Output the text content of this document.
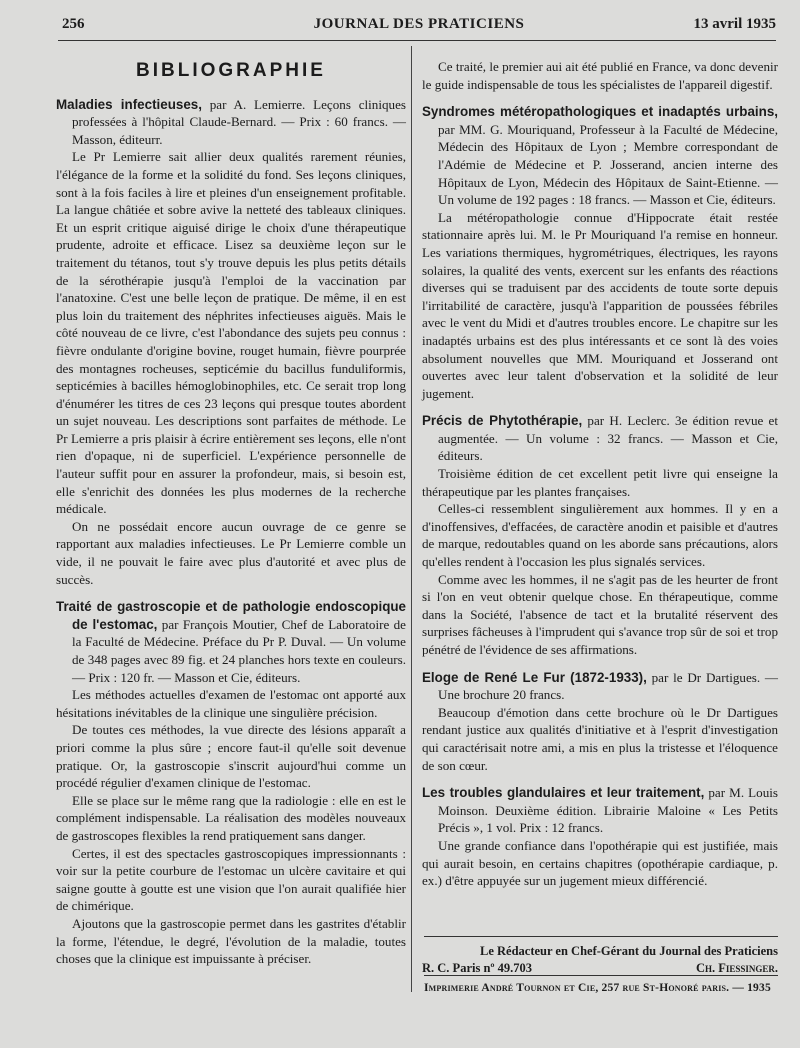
256	JOURNAL DES PRATICIENS	13 avril 1935
BIBLIOGRAPHIE

Maladies infectieuses, par A. Lemierre. Leçons cliniques professées à l'hôpital Claude-Bernard. — Prix : 60 francs. — Masson, éditeurr.

Le Pr Lemierre sait allier deux qualités rarement réunies, l'élégance de la forme et la solidité du fond. Ses leçons cliniques, sont à la fois faciles à lire et pleines d'un enseignement profitable. La langue châtiée et sobre avive la netteté des tableaux cliniques. Et un esprit critique aiguisé dirige le choix d'une thérapeutique prudente, adroite et efficace. Lisez sa deuxième leçon sur le traitement du tétanos, tout s'y trouve depuis les plus petits détails de la sérothérapie jusqu'à l'emploi de la vaccination par l'anatoxine. C'est une belle leçon de pratique. De même, il en est plus loin du traitement des néphrites infectieuses aiguës. Mais le côté nouveau de ce livre, c'est l'abondance des sujets peu connus : fièvre ondulante d'origine bovine, rouget humain, fièvre pourprée des montagnes rocheuses, septicémie du bacillus funduliformis, septicémies à bacilles hémoglobinophiles, etc. Ce serait trop long d'énumérer les titres de ces 23 leçons qui presque toutes abordent un sujet nouveau. Les descriptions sont parfaites de méthode. Le Pr Lemierre a pris plaisir à écrire entièrement ses leçons, elle n'ont rien d'opaque, ni de superficiel. L'expérience personnelle de l'auteur suffit pour en assurer la profondeur, mais, si besoin est, elle s'enrichit des données les plus modernes de la recherche médicale.

On ne possédait encore aucun ouvrage de ce genre se rapportant aux maladies infectieuses. Le Pr Lemierre comble un vide, il ne pouvait le faire avec plus d'autorité et avec plus de succès.

Traité de gastroscopie et de pathologie endoscopique de l'estomac, par François Moutier, Chef de Laboratoire de la Faculté de Médecine. Préface du Pr P. Duval. — Un volume de 348 pages avec 89 fig. et 24 planches hors texte en couleurs. — Prix : 120 fr. — Masson et Cie, éditeurs.

Les méthodes actuelles d'examen de l'estomac ont apporté aux hésitations inévitables de la clinique une singulière précision.

De toutes ces méthodes, la vue directe des lésions apparaît a priori comme la plus sûre ; encore faut-il qu'elle soit devenue pratique. Or, la gastroscopie s'inscrit aujourd'hui comme un procédé régulier d'examen clinique de l'estomac.

Elle se place sur le même rang que la radiologie : elle en est le complément indispensable. La réalisation des modèles nouveaux de gastroscopes flexibles la rend pratiquement sans danger.

Certes, il est des spectacles gastroscopiques impressionnants : voir sur la petite courbure de l'estomac un ulcère cavitaire et qui saigne goutte à goutte est une vision que l'on aurait qualifiée hier de chimérique.

Ajoutons que la gastroscopie permet dans les gastrites d'établir la forme, l'étendue, le degré, l'évolution de la maladie, toutes choses que la clinique est impuissante à préciser.

Ce traité, le premier aui ait été publié en France, va donc devenir le guide indispensable de tous les spécialistes de l'appareil digestif.

Syndromes météropathologiques et inadaptés urbains, par MM. G. Mouriquand, Professeur à la Faculté de Médecine, Médecin des Hôpitaux de Lyon ; Membre correspondant de l'Adémie de Médecine et P. Josserand, ancien interne des Hôpitaux de Lyon, Médecin des Hôpitaux de Saint-Etienne. — Un volume de 192 pages : 18 francs. — Masson et Cie, éditeurs.

La météropathologie connue d'Hippocrate était restée stationnaire après lui. M. le Pr Mouriquand l'a remise en honneur. Les variations thermiques, hygrométriques, électriques, les rayons solaires, la qualité des vents, exercent sur les enfants des réactions diverses qui se traduisent par des accidents de toute sorte depuis l'irritabilité de caractère, jusqu'à l'apparition de poussées fébriles avec le vent du Midi et d'autres troubles encore. Le chapitre sur les inadaptés urbains est des plus intéressants et ce sont là des voies absolument nouvelles que MM. Mouriquand et Josserand ont ouvertes avec leur talent d'observation et la solidité de leur jugement.

Précis de Phytothérapie, par H. Leclerc. 3e édition revue et augmentée. — Un volume : 32 francs. — Masson et Cie, éditeurs.

Troisième édition de cet excellent petit livre qui enseigne la thérapeutique par les plantes françaises.

Celles-ci ressemblent singulièrement aux hommes. Il y en a d'inoffensives, d'effacées, de caractère anodin et paisible et d'autres de marque, redoutables quand on les aborde sans précautions, alors qu'elles rendent à l'occasion les plus signalés services.

Comme avec les hommes, il ne s'agit pas de les heurter de front si l'on en veut obtenir quelque chose. En thérapeutique, comme dans la Société, l'absence de tact et la brutalité réservent des surprises fâcheuses à l'imprudent qui s'avance trop sûr de soi et trop pénétré de l'évidence de ses affirmations.

Eloge de René Le Fur (1872-1933), par le Dr Dartigues. — Une brochure 20 francs.

Beaucoup d'émotion dans cette brochure où le Dr Dartigues rendant justice aux qualités d'initiative et à l'esprit d'investigation qui caractérisait notre ami, a mis en plus la tristesse et l'éloquence de son cœur.

Les troubles glandulaires et leur traitement, par M. Louis Moinson. Deuxième édition. Librairie Maloine « Les Petits Précis », 1 vol. Prix : 12 francs.

Une grande confiance dans l'opothérapie qui est justifiée, mais qui aurait besoin, en certains chapitres (opothérapie cardiaque, p. ex.) d'être appuyée sur un jugement mieux différencié.

Le Rédacteur en Chef-Gérant du Journal des Praticiens
R. C. Paris nº 49.703	Ch. Fiessinger.
Imprimerie André Tournon et Cie, 257 rue St-Honoré paris. — 1935
